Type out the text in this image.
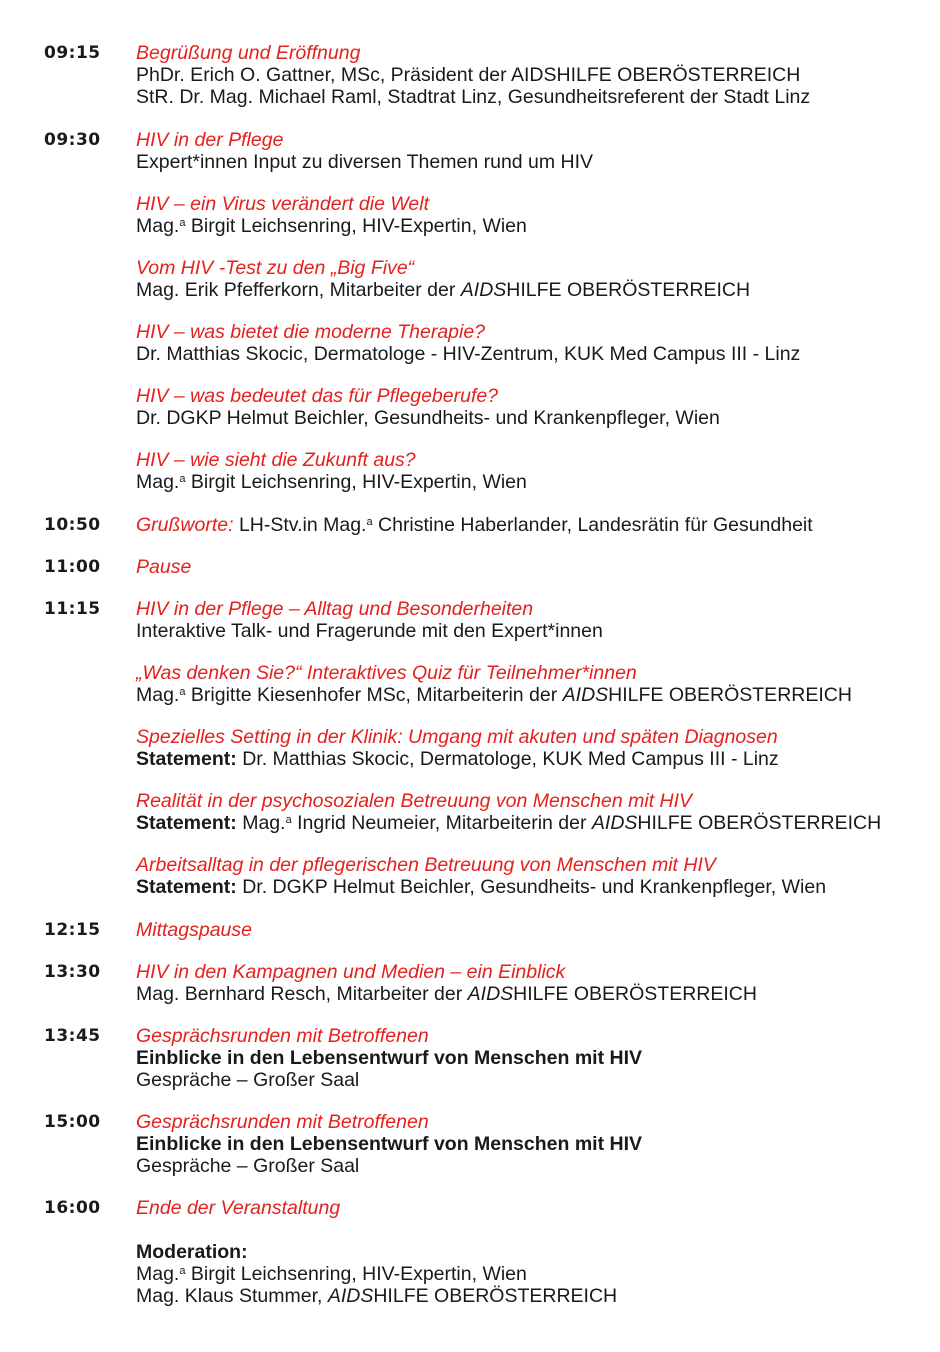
09:15 Begrüßung und Eröffnung
PhDr. Erich O. Gattner, MSc, Präsident der AIDSHILFE OBERÖSTERREICH
StR. Dr. Mag. Michael Raml, Stadtrat Linz, Gesundheitsreferent der Stadt Linz
09:30 HIV in der Pflege
Expert*innen Input zu diversen Themen rund um HIV
HIV – ein Virus verändert die Welt
Mag.$^a$ Birgit Leichsenring, HIV-Expertin, Wien
Vom HIV -Test zu den „Big Five“
Mag. Erik Pfefferkorn, Mitarbeiter der AIDSHILFE OBERÖSTERREICH
HIV – was bietet die moderne Therapie?
Dr. Matthias Skocic, Dermatologe - HIV-Zentrum, KUK Med Campus III - Linz
HIV – was bedeutet das für Pflegeberufe?
Dr. DGKP Helmut Beichler, Gesundheits- und Krankenpfleger, Wien
HIV – wie sieht die Zukunft aus?
Mag.$^a$ Birgit Leichsenring, HIV-Expertin, Wien
10:50 Grußworte: LH-Stv.in Mag.$^a$ Christine Haberlander, Landesrätin für Gesundheit
11:00 Pause
11:15 HIV in der Pflege – Alltag und Besonderheiten
Interaktive Talk- und Fragerunde mit den Expert*innen
„Was denken Sie?“ Interaktives Quiz für Teilnehmer*innen
Mag.$^a$ Brigitte Kiesenhofer MSc, Mitarbeiterin der AIDSHILFE OBERÖSTERREICH
Spezielles Setting in der Klinik: Umgang mit akuten und späten Diagnosen
Statement: Dr. Matthias Skocic, Dermatologe, KUK Med Campus III - Linz
Realität in der psychosozialen Betreuung von Menschen mit HIV
Statement: Mag.$^a$ Ingrid Neumeier, Mitarbeiterin der AIDSHILFE OBERÖSTERREICH
Arbeitsalltag in der pflegerischen Betreuung von Menschen mit HIV
Statement: Dr. DGKP Helmut Beichler, Gesundheits- und Krankenpfleger, Wien
12:15 Mittagspause
13:30 HIV in den Kampagnen und Medien – ein Einblick
Mag. Bernhard Resch, Mitarbeiter der AIDSHILFE OBERÖSTERREICH
13:45 Gesprächsrunden mit Betroffenen
Einblicke in den Lebensentwurf von Menschen mit HIV
Gespräche – Großer Saal
15:00 Gesprächsrunden mit Betroffenen
Einblicke in den Lebensentwurf von Menschen mit HIV
Gespräche – Großer Saal
16:00 Ende der Veranstaltung
Moderation:
Mag.$^a$ Birgit Leichsenring, HIV-Expertin, Wien
Mag. Klaus Stummer, AIDSHILFE OBERÖSTERREICH
